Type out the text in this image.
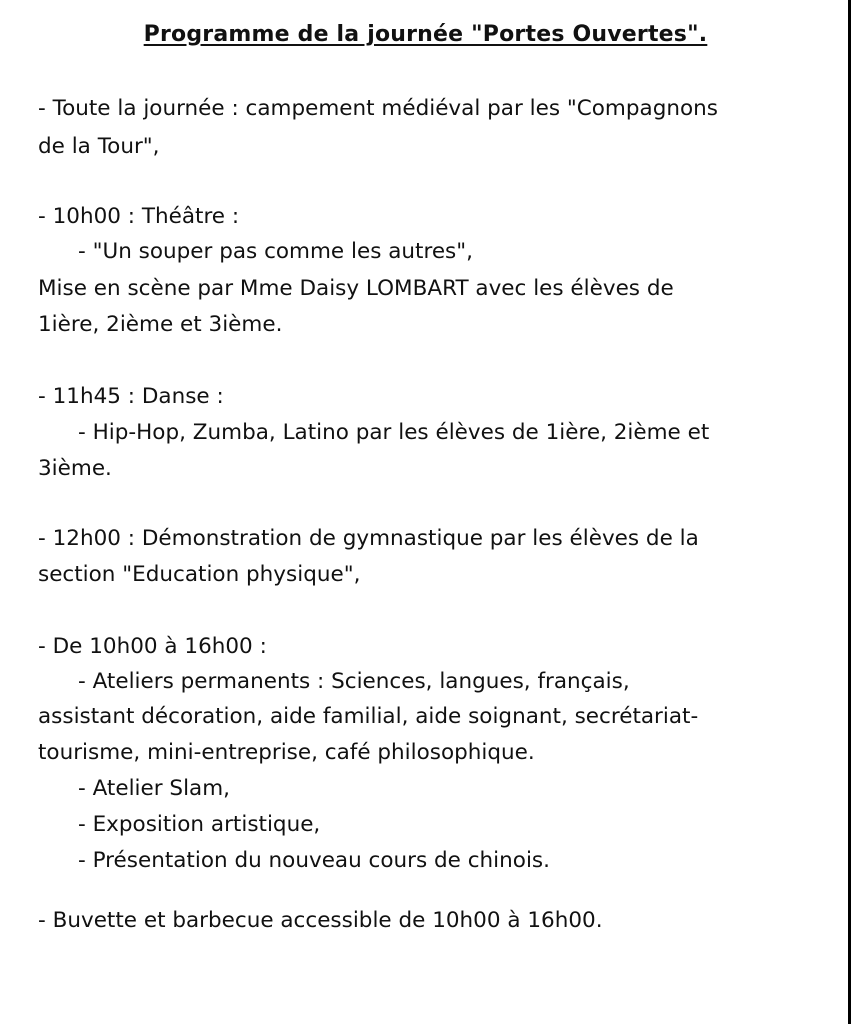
Programme de la journée "Portes Ouvertes".
- Toute la journée : campement médiéval par les "Compagnons
de la Tour",
- 10h00 : Théâtre :
- "Un souper pas comme les autres",
Mise en scène par Mme Daisy LOMBART avec les élèves de
1ière, 2ième et 3ième.
- 11h45 : Danse :
- Hip-Hop, Zumba, Latino par les élèves de 1ière, 2ième et
3ième.
- 12h00 : Démonstration de gymnastique par les élèves de la
section "Education physique",
- De 10h00 à 16h00 :
- Ateliers permanents : Sciences, langues, français,
assistant décoration, aide familial, aide soignant, secrétariat-
tourisme, mini-entreprise, café philosophique.
- Atelier Slam,
- Exposition artistique,
- Présentation du nouveau cours de chinois.
- Buvette et barbecue accessible de 10h00 à 16h00.
